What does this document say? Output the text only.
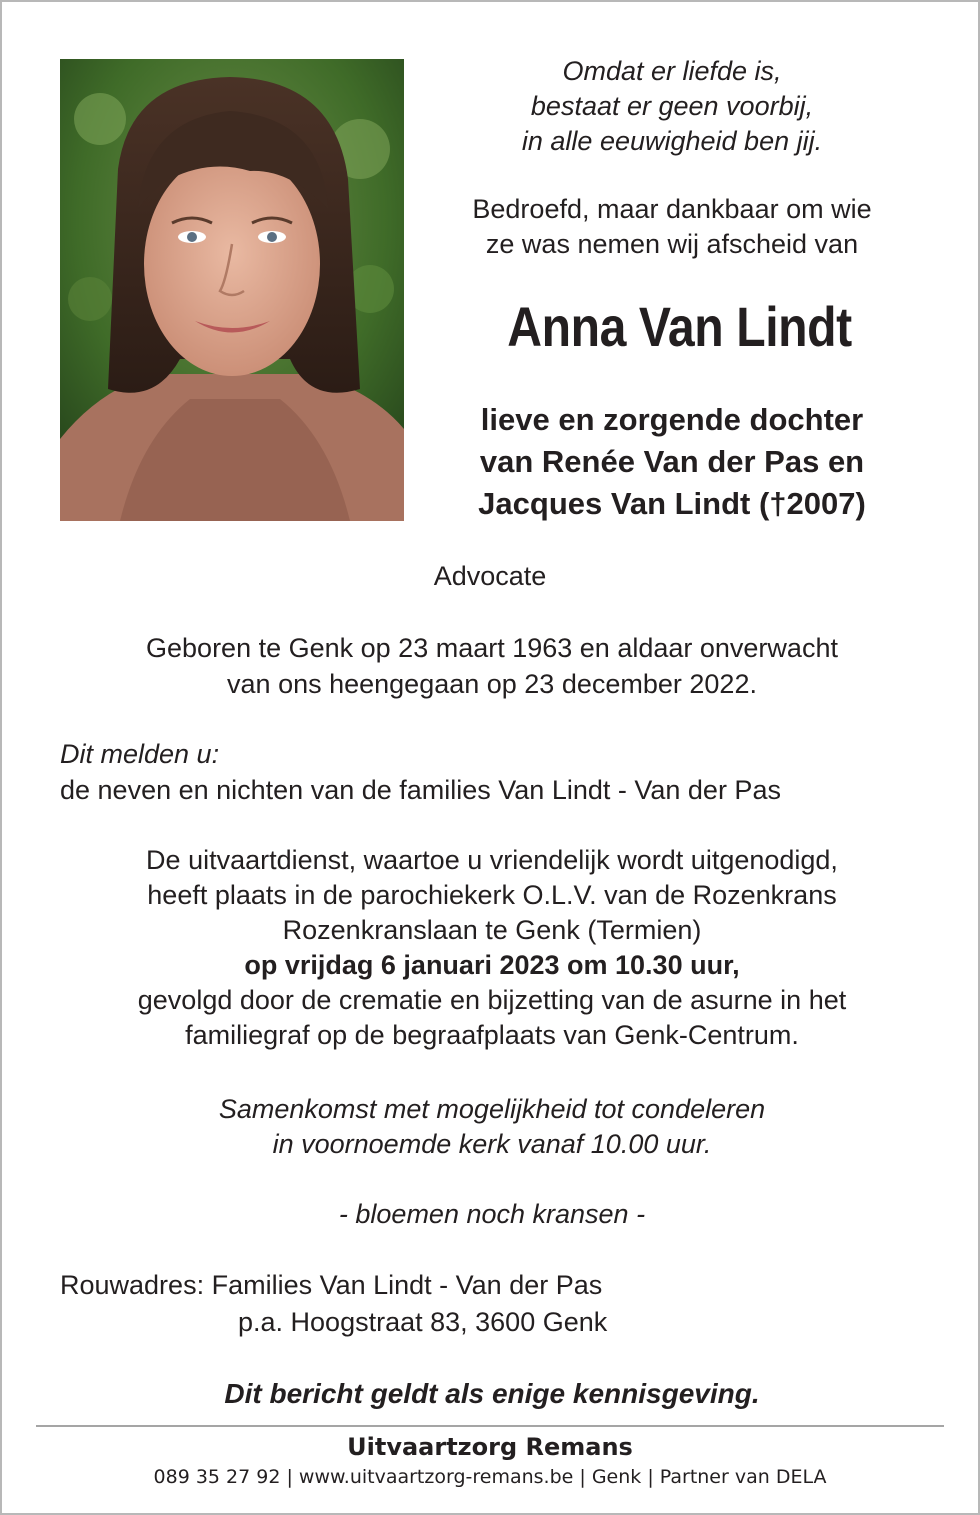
Omdat er liefde is,
bestaat er geen voorbij,
in alle eeuwigheid ben jij.

Bedroefd, maar dankbaar om wie
ze was nemen wij afscheid van

Anna Van Lindt

lieve en zorgende dochter
van Renée Van der Pas en
Jacques Van Lindt (†2007)

Advocate

Geboren te Genk op 23 maart 1963 en aldaar onverwacht
van ons heengegaan op 23 december 2022.

Dit melden u:
de neven en nichten van de families Van Lindt - Van der Pas

De uitvaartdienst, waartoe u vriendelijk wordt uitgenodigd,
heeft plaats in de parochiekerk O.L.V. van de Rozenkrans
Rozenkranslaan te Genk (Termien)
op vrijdag 6 januari 2023 om 10.30 uur,
gevolgd door de crematie en bijzetting van de asurne in het
familiegraf op de begraafplaats van Genk-Centrum.

Samenkomst met mogelijkheid tot condeleren
in voornoemde kerk vanaf 10.00 uur.

- bloemen noch kransen -

Rouwadres: Families Van Lindt - Van der Pas
p.a. Hoogstraat 83, 3600 Genk

Dit bericht geldt als enige kennisgeving.

Uitvaartzorg Remans

089 35 27 92 | www.uitvaartzorg-remans.be | Genk | Partner van DELA
